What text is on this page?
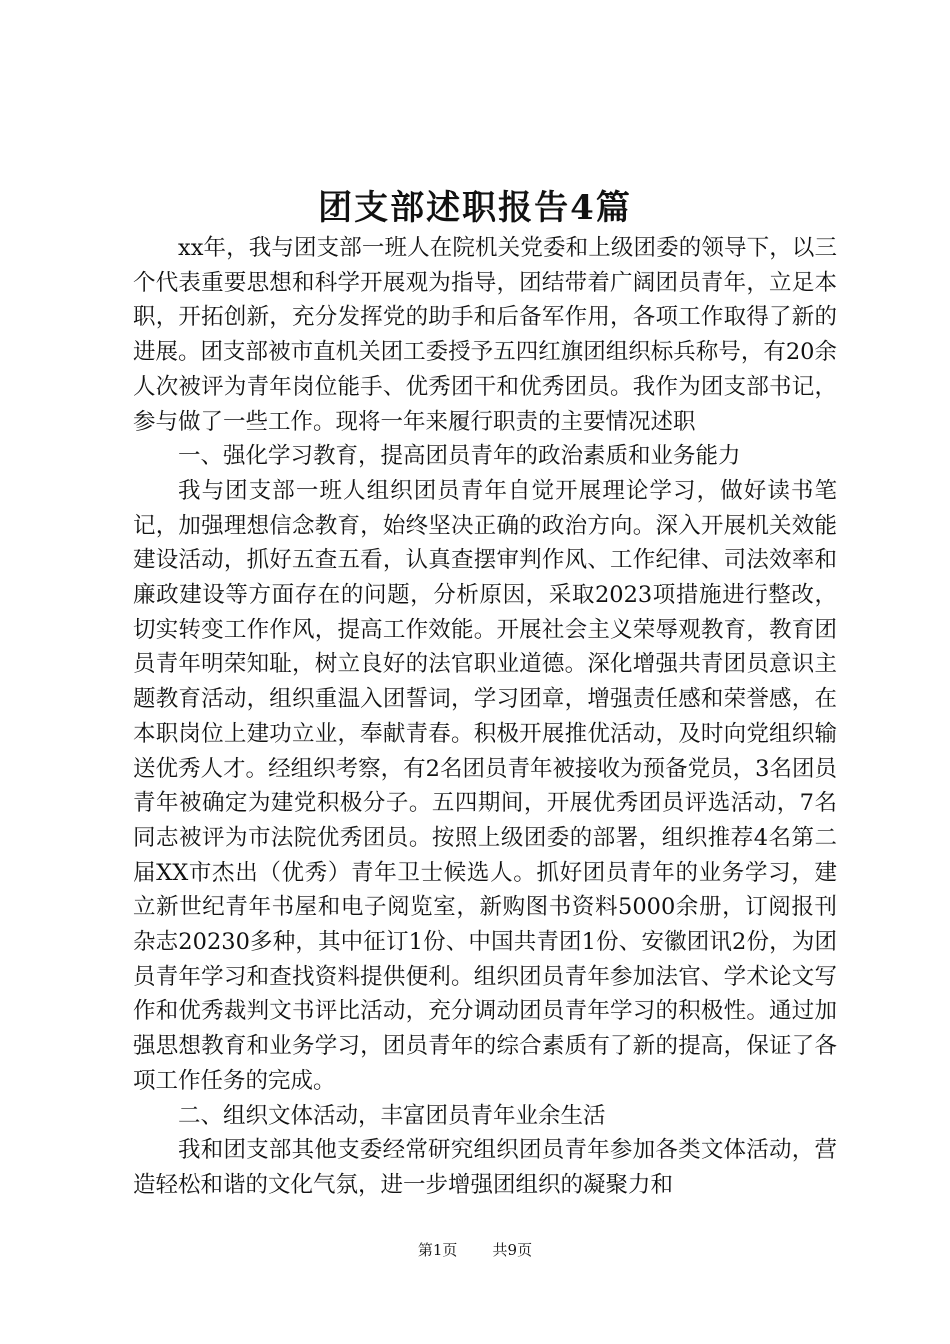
团支部述职报告4篇

xx年，我与团支部一班人在院机关党委和上级团委的领导下，以三个代表重要思想和科学开展观为指导，团结带着广阔团员青年，立足本职，开拓创新，充分发挥党的助手和后备军作用，各项工作取得了新的进展。团支部被市直机关团工委授予五四红旗团组织标兵称号，有20余人次被评为青年岗位能手、优秀团干和优秀团员。我作为团支部书记，参与做了一些工作。现将一年来履行职责的主要情况述职

一、强化学习教育，提高团员青年的政治素质和业务能力

我与团支部一班人组织团员青年自觉开展理论学习，做好读书笔记，加强理想信念教育，始终坚决正确的政治方向。深入开展机关效能建设活动，抓好五查五看，认真查摆审判作风、工作纪律、司法效率和廉政建设等方面存在的问题，分析原因，采取2023项措施进行整改，切实转变工作作风，提高工作效能。开展社会主义荣辱观教育，教育团员青年明荣知耻，树立良好的法官职业道德。深化增强共青团员意识主题教育活动，组织重温入团誓词，学习团章，增强责任感和荣誉感，在本职岗位上建功立业，奉献青春。积极开展推优活动，及时向党组织输送优秀人才。经组织考察，有2名团员青年被接收为预备党员，3名团员青年被确定为建党积极分子。五四期间，开展优秀团员评选活动，7名同志被评为市法院优秀团员。按照上级团委的部署，组织推荐4名第二届XX市杰出（优秀）青年卫士候选人。抓好团员青年的业务学习，建立新世纪青年书屋和电子阅览室，新购图书资料5000余册，订阅报刊杂志20230多种，其中征订1份、中国共青团1份、安徽团讯2份，为团员青年学习和查找资料提供便利。组织团员青年参加法官、学术论文写作和优秀裁判文书评比活动，充分调动团员青年学习的积极性。通过加强思想教育和业务学习，团员青年的综合素质有了新的提高，保证了各项工作任务的完成。

二、组织文体活动，丰富团员青年业余生活

我和团支部其他支委经常研究组织团员青年参加各类文体活动，营造轻松和谐的文化气氛，进一步增强团组织的凝聚力和

第1页 共9页
